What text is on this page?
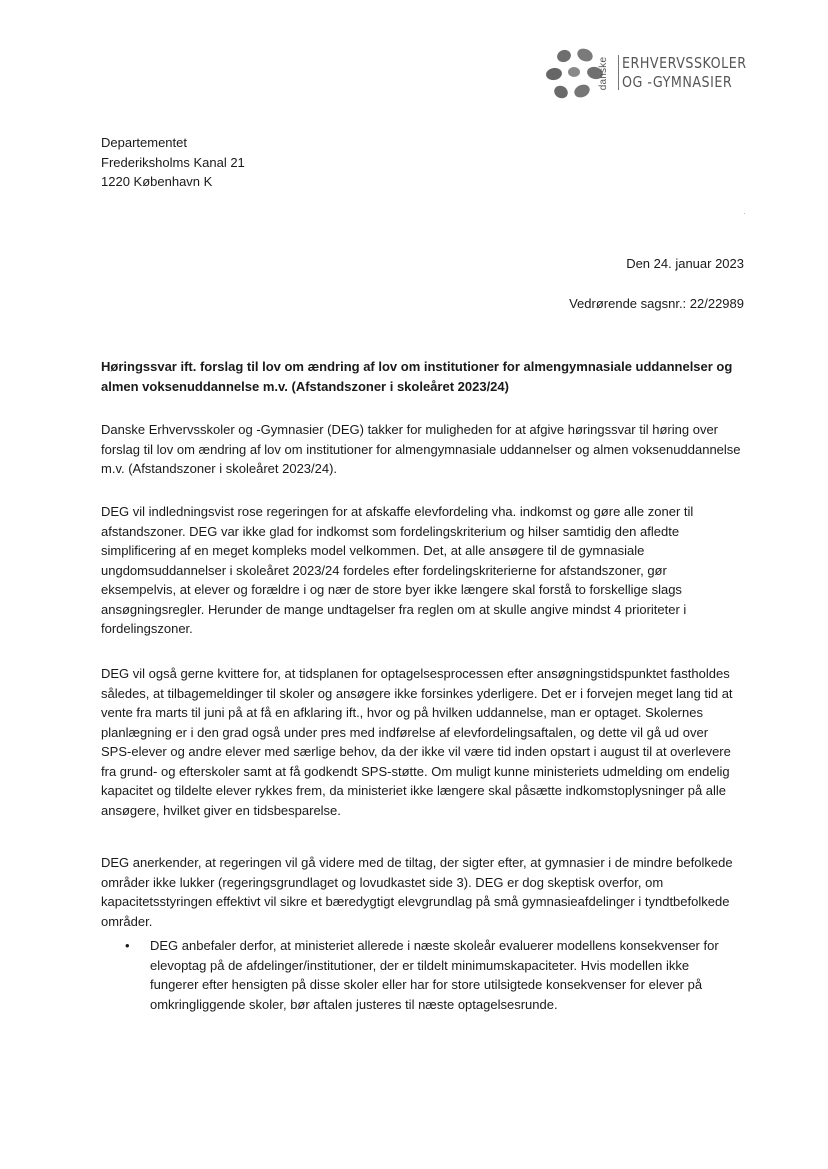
danske ERHVERVSSKOLER
OG -GYMNASIER
Departementet
Frederiksholms Kanal 21
1220 København K
Den 24. januar 2023
Vedrørende sagsnr.: 22/22989
Høringssvar ift. forslag til lov om ændring af lov om institutioner for almengymnasiale uddannelser og almen voksenuddannelse m.v. (Afstandszoner i skoleåret 2023/24)
Danske Erhvervsskoler og -Gymnasier (DEG) takker for muligheden for at afgive høringssvar til høring over forslag til lov om ændring af lov om institutioner for almengymnasiale uddannelser og almen voksenuddannelse m.v. (Afstandszoner i skoleåret 2023/24).
DEG vil indledningsvist rose regeringen for at afskaffe elevfordeling vha. indkomst og gøre alle zoner til afstandszoner. DEG var ikke glad for indkomst som fordelingskriterium og hilser samtidig den afledte simplificering af en meget kompleks model velkommen. Det, at alle ansøgere til de gymnasiale ungdomsuddannelser i skoleåret 2023/24 fordeles efter fordelingskriterierne for afstandszoner, gør eksempelvis, at elever og forældre i og nær de store byer ikke længere skal forstå to forskellige slags ansøgningsregler. Herunder de mange undtagelser fra reglen om at skulle angive mindst 4 prioriteter i fordelingszoner.
DEG vil også gerne kvittere for, at tidsplanen for optagelsesprocessen efter ansøgningstidspunktet fastholdes således, at tilbagemeldinger til skoler og ansøgere ikke forsinkes yderligere. Det er i forvejen meget lang tid at vente fra marts til juni på at få en afklaring ift., hvor og på hvilken uddannelse, man er optaget. Skolernes planlægning er i den grad også under pres med indførelse af elevfordelingsaftalen, og dette vil gå ud over SPS-elever og andre elever med særlige behov, da der ikke vil være tid inden opstart i august til at overlevere fra grund- og efterskoler samt at få godkendt SPS-støtte. Om muligt kunne ministeriets udmelding om endelig kapacitet og tildelte elever rykkes frem, da ministeriet ikke længere skal påsætte indkomstoplysninger på alle ansøgere, hvilket giver en tidsbesparelse.
DEG anerkender, at regeringen vil gå videre med de tiltag, der sigter efter, at gymnasier i de mindre befolkede områder ikke lukker (regeringsgrundlaget og lovudkastet side 3). DEG er dog skeptisk overfor, om kapacitetsstyringen effektivt vil sikre et bæredygtigt elevgrundlag på små gymnasieafdelinger i tyndtbefolkede områder.
• DEG anbefaler derfor, at ministeriet allerede i næste skoleår evaluerer modellens konsekvenser for elevoptag på de afdelinger/institutioner, der er tildelt minimumskapaciteter. Hvis modellen ikke fungerer efter hensigten på disse skoler eller har for store utilsigtede konsekvenser for elever på omkringliggende skoler, bør aftalen justeres til næste optagelsesrunde.
